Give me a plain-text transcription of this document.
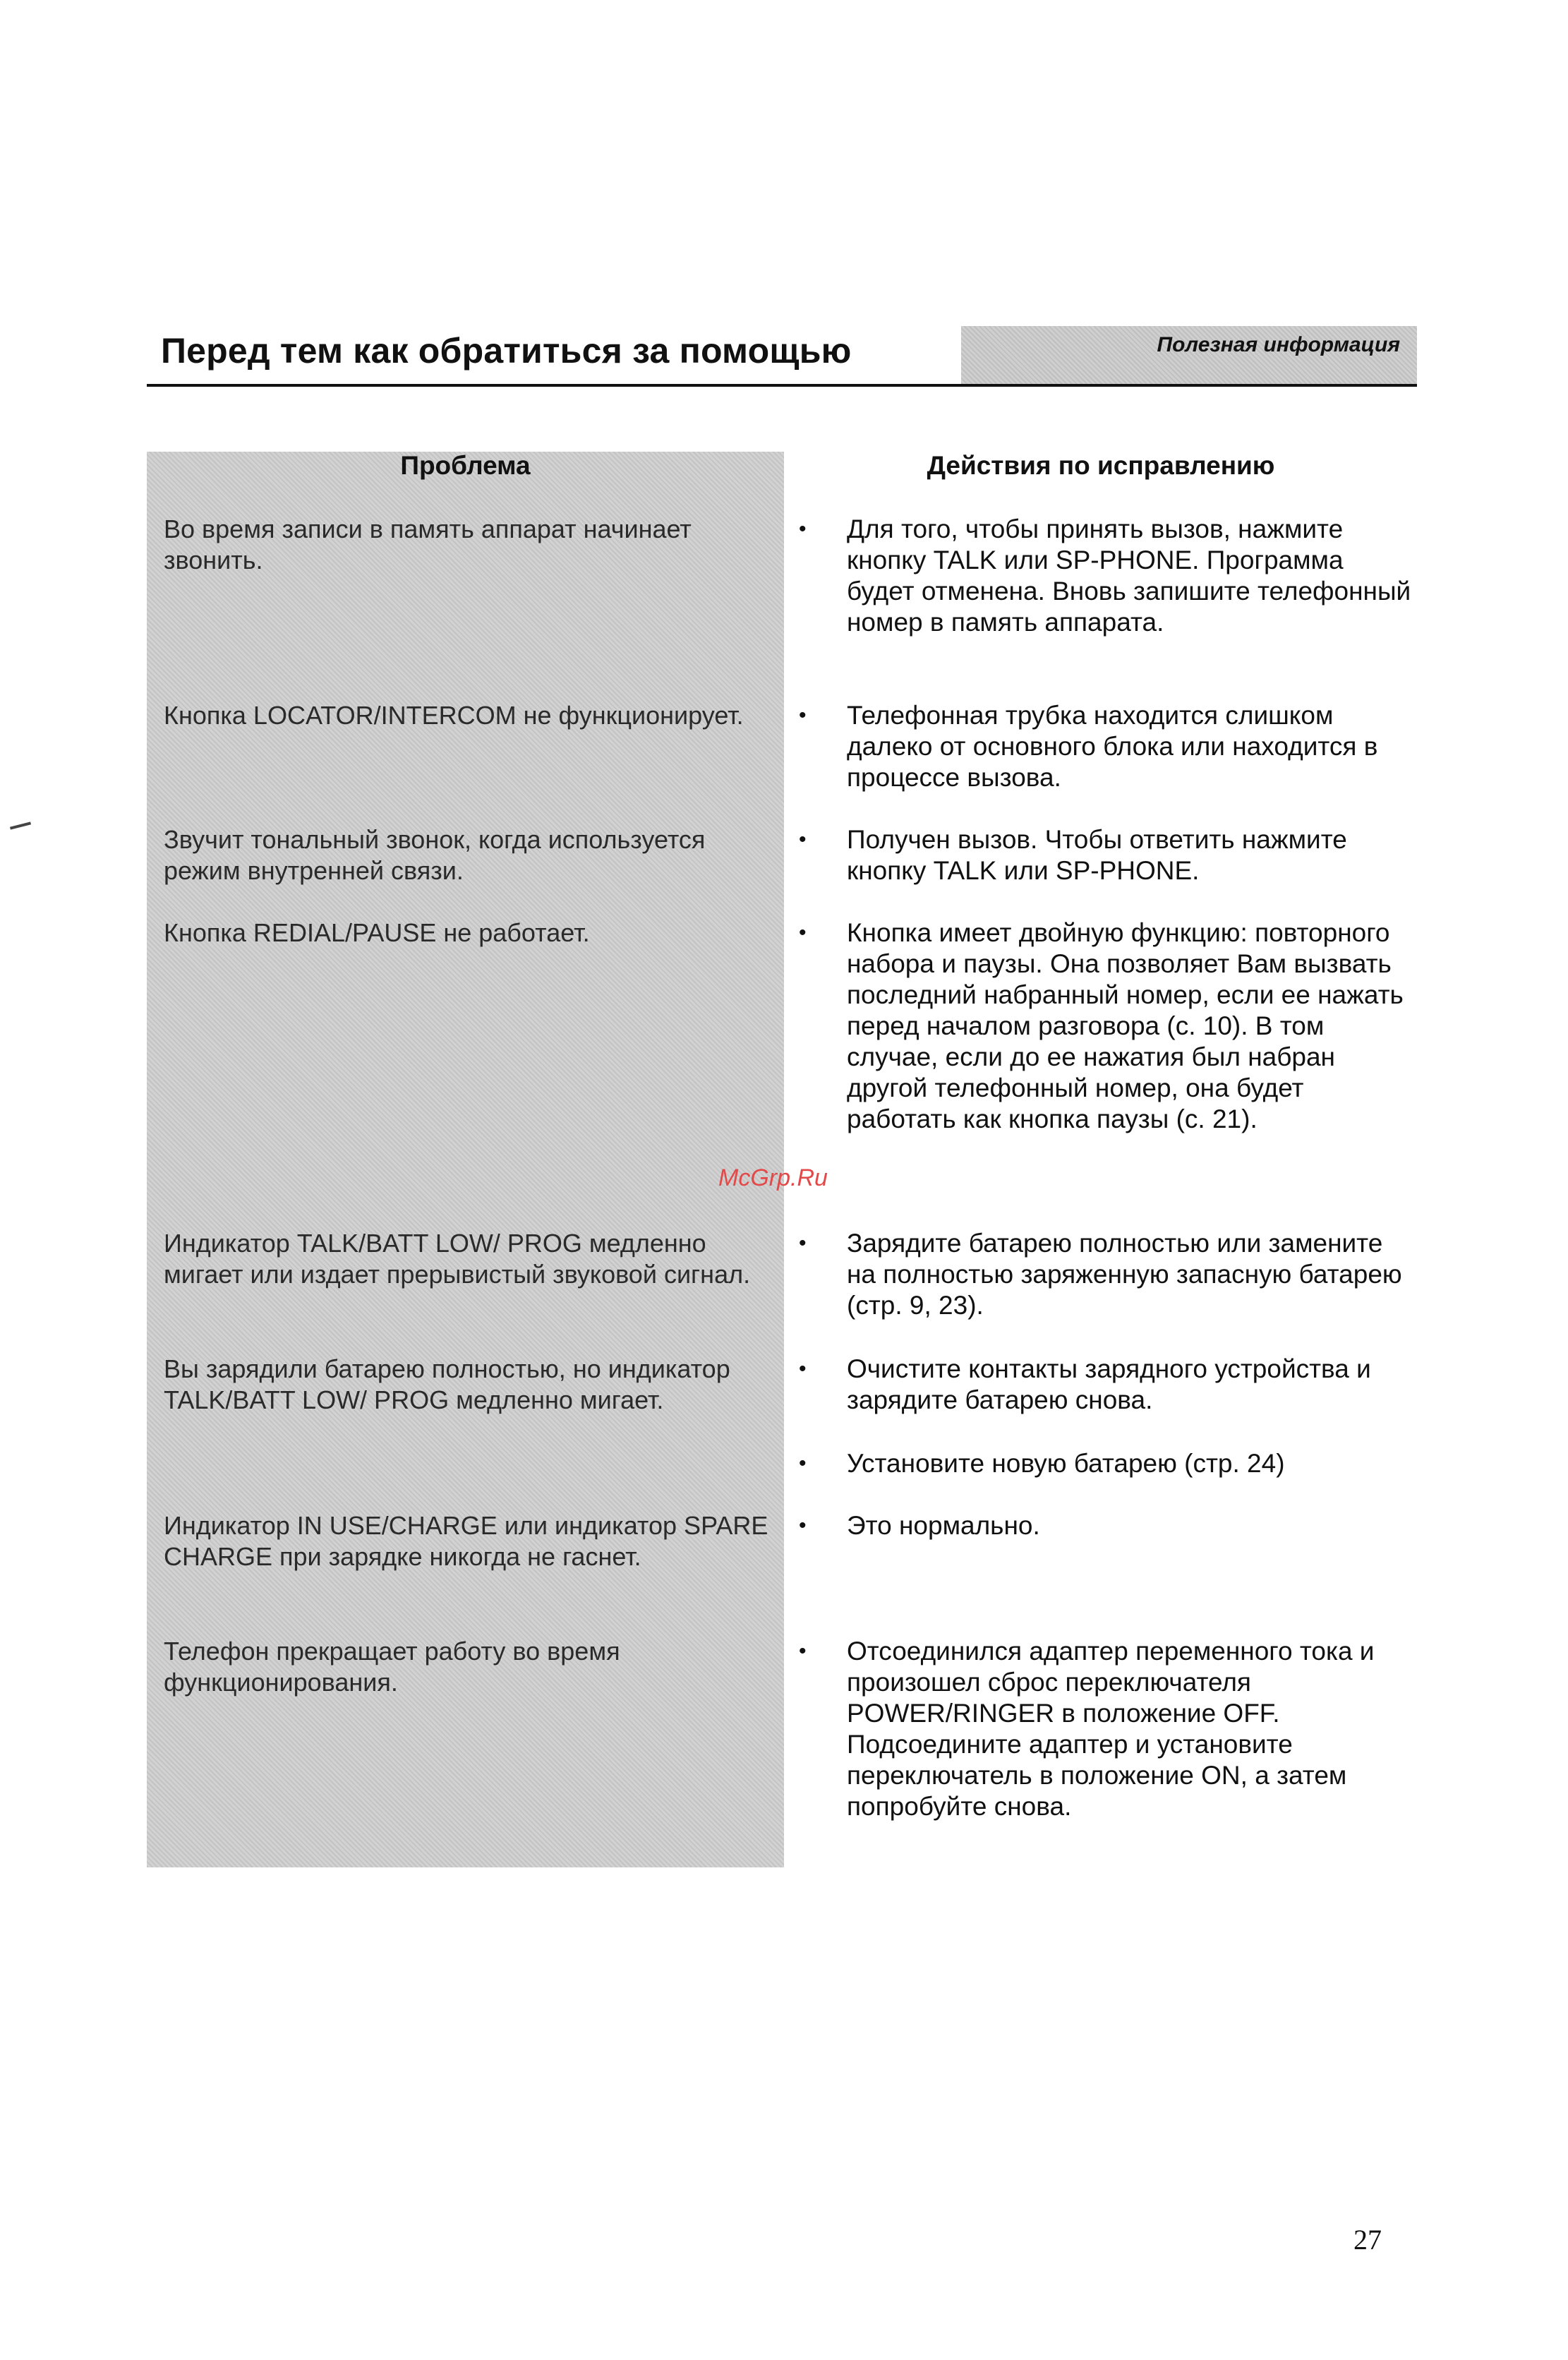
Перед тем как обратиться за помощью	Полезная информация
Проблема	Действия по исправлению
Во время записи в память аппарат начинает звонить.
Кнопка LOCATOR/INTERCOM не функционирует.
Звучит тональный звонок, когда используется режим внутренней связи.
Кнопка REDIAL/PAUSE не работает.
Индикатор TALK/BATT LOW/ PROG медленно мигает или издает прерывистый звуковой сигнал.
Вы зарядили батарею полностью, но индикатор TALK/BATT LOW/ PROG медленно мигает.
Индикатор IN USE/CHARGE или индикатор SPARE CHARGE при зарядке никогда не гаснет.
Телефон прекращает работу во время функционирования.
• Для того, чтобы принять вызов, нажмите кнопку TALK или SP-PHONE. Программа будет отменена. Вновь запишите телефонный номер в память аппарата.
• Телефонная трубка находится слишком далеко от основного блока или находится в процессе вызова.
• Получен вызов. Чтобы ответить нажмите кнопку TALK или SP-PHONE.
• Кнопка имеет двойную функцию: повторного набора и паузы. Она позволяет Вам вызвать последний набранный номер, если ее нажать перед началом разговора (с. 10). В том случае, если до ее нажатия был набран другой телефонный номер, она будет работать как кнопка паузы (с. 21).
• Зарядите батарею полностью или замените на полностью заряженную запасную батарею (стр. 9, 23).
• Очистите контакты зарядного устройства и зарядите батарею снова.
• Установите новую батарею (стр. 24)
• Это нормально.
• Отсоединился адаптер переменного тока и произошел сброс переключателя POWER/RINGER в положение OFF. Подсоедините адаптер и установите переключатель в положение ON, а затем попробуйте снова.
McGrp.Ru
27
